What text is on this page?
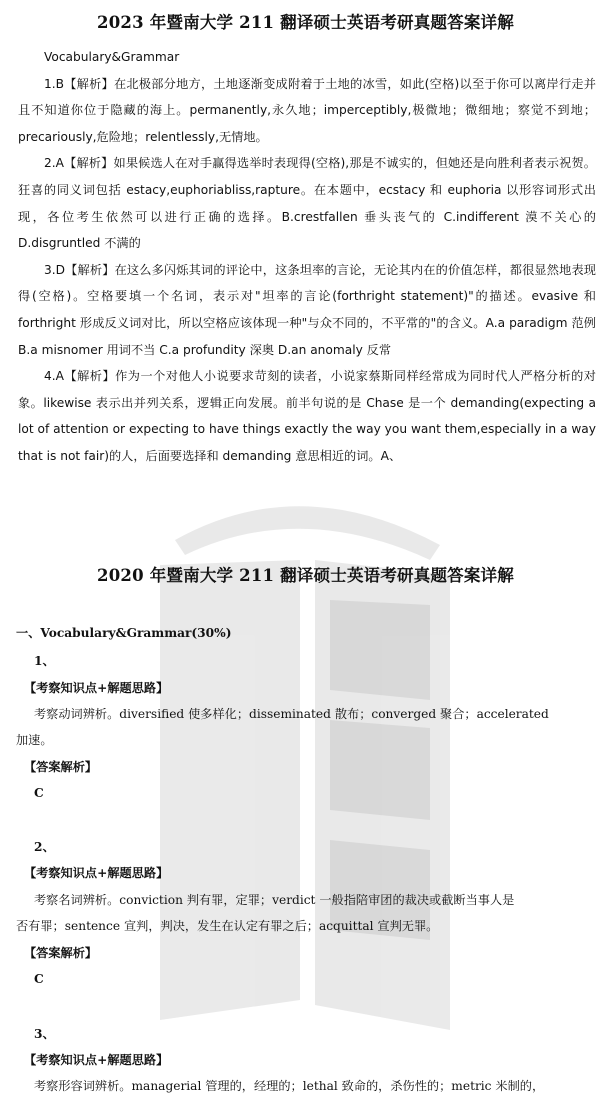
2023 年暨南大学 211 翻译硕士英语考研真题答案详解

Vocabulary&Grammar

1.B【解析】在北极部分地方，土地逐渐变成附着于土地的冰雪，如此(空格)以至于你可以离岸行走并且不知道你位于隐藏的海上。permanently,永久地；imperceptibly,极微地；微细地；察觉不到地；precariously,危险地；relentlessly,无情地。

2.A【解析】如果候选人在对手赢得选举时表现得(空格),那是不诚实的，但她还是向胜利者表示祝贺。狂喜的同义词包括 estacy,euphoriabliss,rapture。在本题中，ecstacy 和 euphoria 以形容词形式出现，各位考生依然可以进行正确的选择。B.crestfallen 垂头丧气的 C.indifferent 漠不关心的 D.disgruntled 不满的

3.D【解析】在这么多闪烁其词的评论中，这条坦率的言论，无论其内在的价值怎样，都很显然地表现得(空格)。空格要填一个名词，表示对"坦率的言论(forthright statement)"的描述。evasive 和 forthright 形成反义词对比，所以空格应该体现一种"与众不同的，不平常的"的含义。A.a paradigm 范例 B.a misnomer 用词不当 C.a profundity 深奥 D.an anomaly 反常

4.A【解析】作为一个对他人小说要求苛刻的读者，小说家蔡斯同样经常成为同时代人严格分析的对象。likewise 表示出并列关系，逻辑正向发展。前半句说的是 Chase 是一个 demanding(expecting a lot of attention or expecting to have things exactly the way you want them,especially in a way that is not fair)的人，后面要选择和 demanding 意思相近的词。A、

2020 年暨南大学 211 翻译硕士英语考研真题答案详解
一、Vocabulary&Grammar(30%)
1、
【考察知识点+解题思路】
考察动词辨析。diversified 使多样化；disseminated 散布；converged 聚合；accelerated
加速。
【答案解析】
C
2、
【考察知识点+解题思路】
考察名词辨析。conviction 判有罪，定罪；verdict 一般指陪审团的裁决或截断当事人是
否有罪；sentence 宣判，判决，发生在认定有罪之后；acquittal 宣判无罪。
【答案解析】
C
3、
【考察知识点+解题思路】
考察形容词辨析。managerial 管理的，经理的；lethal 致命的，杀伤性的；metric 米制的，
